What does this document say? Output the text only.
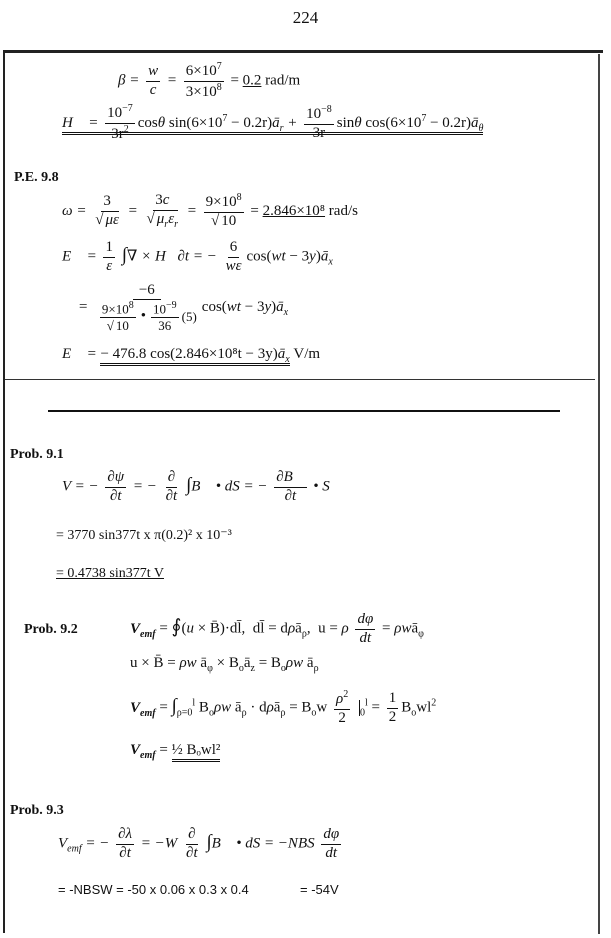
224
$\beta = \frac{w}{c} = \frac{6\times 10^7}{3\times 10^8} = 0.2$ rad/m
H⃗ = $\frac{10^{-7}}{3r^2}$ cosθ $\sin(6\times 10^7$ − $0.2r)ā_r + \frac{10^{-8}}{3r}$ sinθ $\cos(6\times 10^7$ − $0.2r)ā_\theta$
P.E. 9.8
$\omega = \frac{3}{√ \mu\varepsilon} = \frac{3c}{√ \mu_r\varepsilon_r} = \frac{9\times 10^8}{√ 10} = 2.846\times 10^8$ rad/s
E⃗ = $\frac{1}{\varepsilon}$ ∫∇ × H⃗∂t = − $\frac{6}{w\varepsilon} \cos(wt$ − $3y)ā_x$
= $\frac{-6}{\frac{9\times 10^8}{√ 10} • \frac{10^{-9}}{36} (5)} \cos(wt$ − $3y)ā_x$
E⃗ = − 476.8 $\cos(2.846\times 10^8t - 3y)ā_x$ V/m
Prob. 9.1
V = − $\frac{\partial\psi}{\partial t}$ = − $\frac{\partial}{\partial t}$ ∫B⃗ • dS = − $\frac{\partial B⃗}{\partial t}$ • S
= 3770 sin377t x π(0.2)² x 10⁻³
= 0.4738 sin377t V
Prob. 9.2	$V_{emf}$ = ∮(u × B̄)·dl̄,  dl̄ = dρā$_\rho$,  u = ρ $\frac{d\varphi}{dt}$ = ρwā$_\varphi$
u × B̄ = ρw $ā_\varphi$ × $B_oā_z = B_o\rho w$ $ā_\rho$
$V_{emf} = \int_{\rho=0}^l$ $B_o\rho w$ $ā_\rho$ · dρā$_\rho$ = $B_ow \frac{\rho^2}{2} _0^l = \frac{1}{2} B_owl^2$
$V_{emf}$ = ½ Bₒwl²
Prob. 9.3
$V_{emf}$ = − $\frac{\partial\lambda}{\partial t} = -W \frac{\partial}{\partial t}$ ∫B⃗ • dS = $-NBS \frac{d\varphi}{dt}$
= -NBSW = -50 x 0.06 x 0.3 x 0.4	= -54V
